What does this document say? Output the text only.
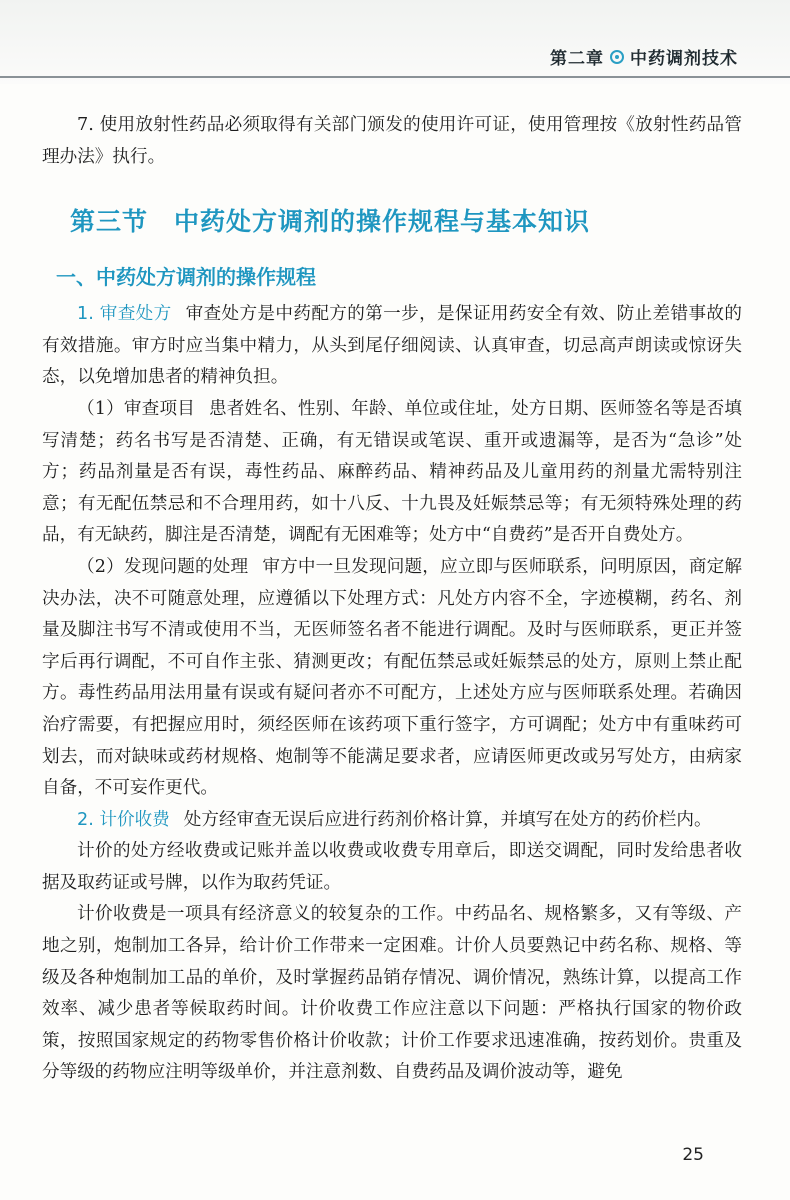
第二章 中药调剂技术

7. 使用放射性药品必须取得有关部门颁发的使用许可证，使用管理按《放射性药品管理办法》执行。

第三节 中药处方调剂的操作规程与基本知识
一、中药处方调剂的操作规程

1. 审查处方 审查处方是中药配方的第一步，是保证用药安全有效、防止差错事故的有效措施。审方时应当集中精力，从头到尾仔细阅读、认真审查，切忌高声朗读或惊讶失态，以免增加患者的精神负担。

（1）审查项目 患者姓名、性别、年龄、单位或住址，处方日期、医师签名等是否填写清楚；药名书写是否清楚、正确，有无错误或笔误、重开或遗漏等，是否为“急诊”处方；药品剂量是否有误，毒性药品、麻醉药品、精神药品及儿童用药的剂量尤需特别注意；有无配伍禁忌和不合理用药，如十八反、十九畏及妊娠禁忌等；有无须特殊处理的药品，有无缺药，脚注是否清楚，调配有无困难等；处方中“自费药”是否开自费处方。

（2）发现问题的处理 审方中一旦发现问题，应立即与医师联系，问明原因，商定解决办法，决不可随意处理，应遵循以下处理方式：凡处方内容不全，字迹模糊，药名、剂量及脚注书写不清或使用不当，无医师签名者不能进行调配。及时与医师联系，更正并签字后再行调配，不可自作主张、猜测更改；有配伍禁忌或妊娠禁忌的处方，原则上禁止配方。毒性药品用法用量有误或有疑问者亦不可配方，上述处方应与医师联系处理。若确因治疗需要，有把握应用时，须经医师在该药项下重行签字，方可调配；处方中有重味药可划去，而对缺味或药材规格、炮制等不能满足要求者，应请医师更改或另写处方，由病家自备，不可妄作更代。

2. 计价收费 处方经审查无误后应进行药剂价格计算，并填写在处方的药价栏内。

计价的处方经收费或记账并盖以收费或收费专用章后，即送交调配，同时发给患者收据及取药证或号牌，以作为取药凭证。

计价收费是一项具有经济意义的较复杂的工作。中药品名、规格繁多，又有等级、产地之别，炮制加工各异，给计价工作带来一定困难。计价人员要熟记中药名称、规格、等级及各种炮制加工品的单价，及时掌握药品销存情况、调价情况，熟练计算，以提高工作效率、减少患者等候取药时间。计价收费工作应注意以下问题：严格执行国家的物价政策，按照国家规定的药物零售价格计价收款；计价工作要求迅速准确，按药划价。贵重及分等级的药物应注明等级单价，并注意剂数、自费药品及调价波动等，避免

25
